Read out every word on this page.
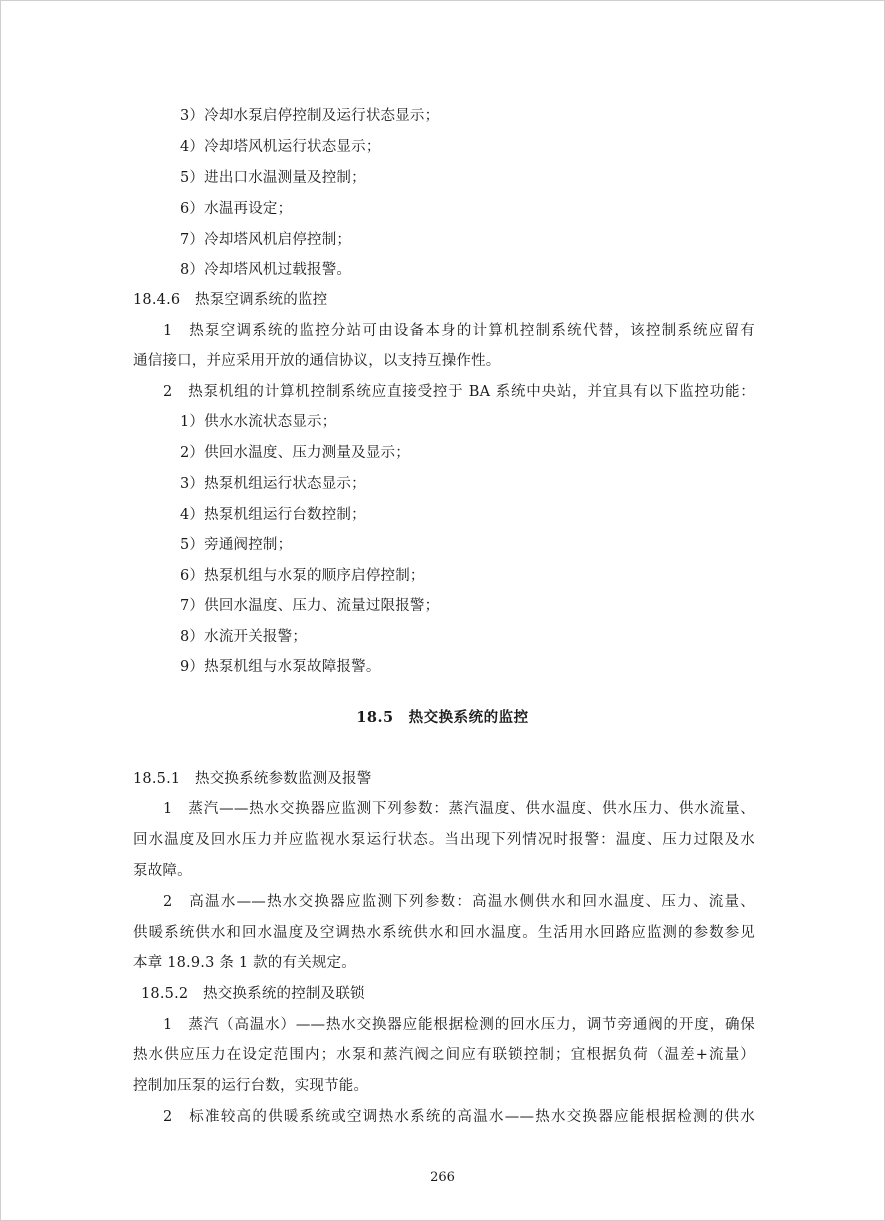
3）冷却水泵启停控制及运行状态显示；
4）冷却塔风机运行状态显示；
5）进出口水温测量及控制；
6）水温再设定；
7）冷却塔风机启停控制；
8）冷却塔风机过载报警。
18.4.6　热泵空调系统的监控
1　热泵空调系统的监控分站可由设备本身的计算机控制系统代替，该控制系统应留有
通信接口，并应采用开放的通信协议，以支持互操作性。
2　热泵机组的计算机控制系统应直接受控于 BA 系统中央站，并宜具有以下监控功能：
1）供水水流状态显示；
2）供回水温度、压力测量及显示；
3）热泵机组运行状态显示；
4）热泵机组运行台数控制；
5）旁通阀控制；
6）热泵机组与水泵的顺序启停控制；
7）供回水温度、压力、流量过限报警；
8）水流开关报警；
9）热泵机组与水泵故障报警。
18.5　热交换系统的监控
18.5.1　热交换系统参数监测及报警
1　蒸汽——热水交换器应监测下列参数：蒸汽温度、供水温度、供水压力、供水流量、
回水温度及回水压力并应监视水泵运行状态。当出现下列情况时报警：温度、压力过限及水
泵故障。
2　高温水——热水交换器应监测下列参数：高温水侧供水和回水温度、压力、流量、
供暖系统供水和回水温度及空调热水系统供水和回水温度。生活用水回路应监测的参数参见
本章 18.9.3 条 1 款的有关规定。
18.5.2　热交换系统的控制及联锁
1　蒸汽（高温水）——热水交换器应能根据检测的回水压力，调节旁通阀的开度，确保
热水供应压力在设定范围内；水泵和蒸汽阀之间应有联锁控制；宜根据负荷（温差+流量）
控制加压泵的运行台数，实现节能。
2　标准较高的供暖系统或空调热水系统的高温水——热水交换器应能根据检测的供水
266
